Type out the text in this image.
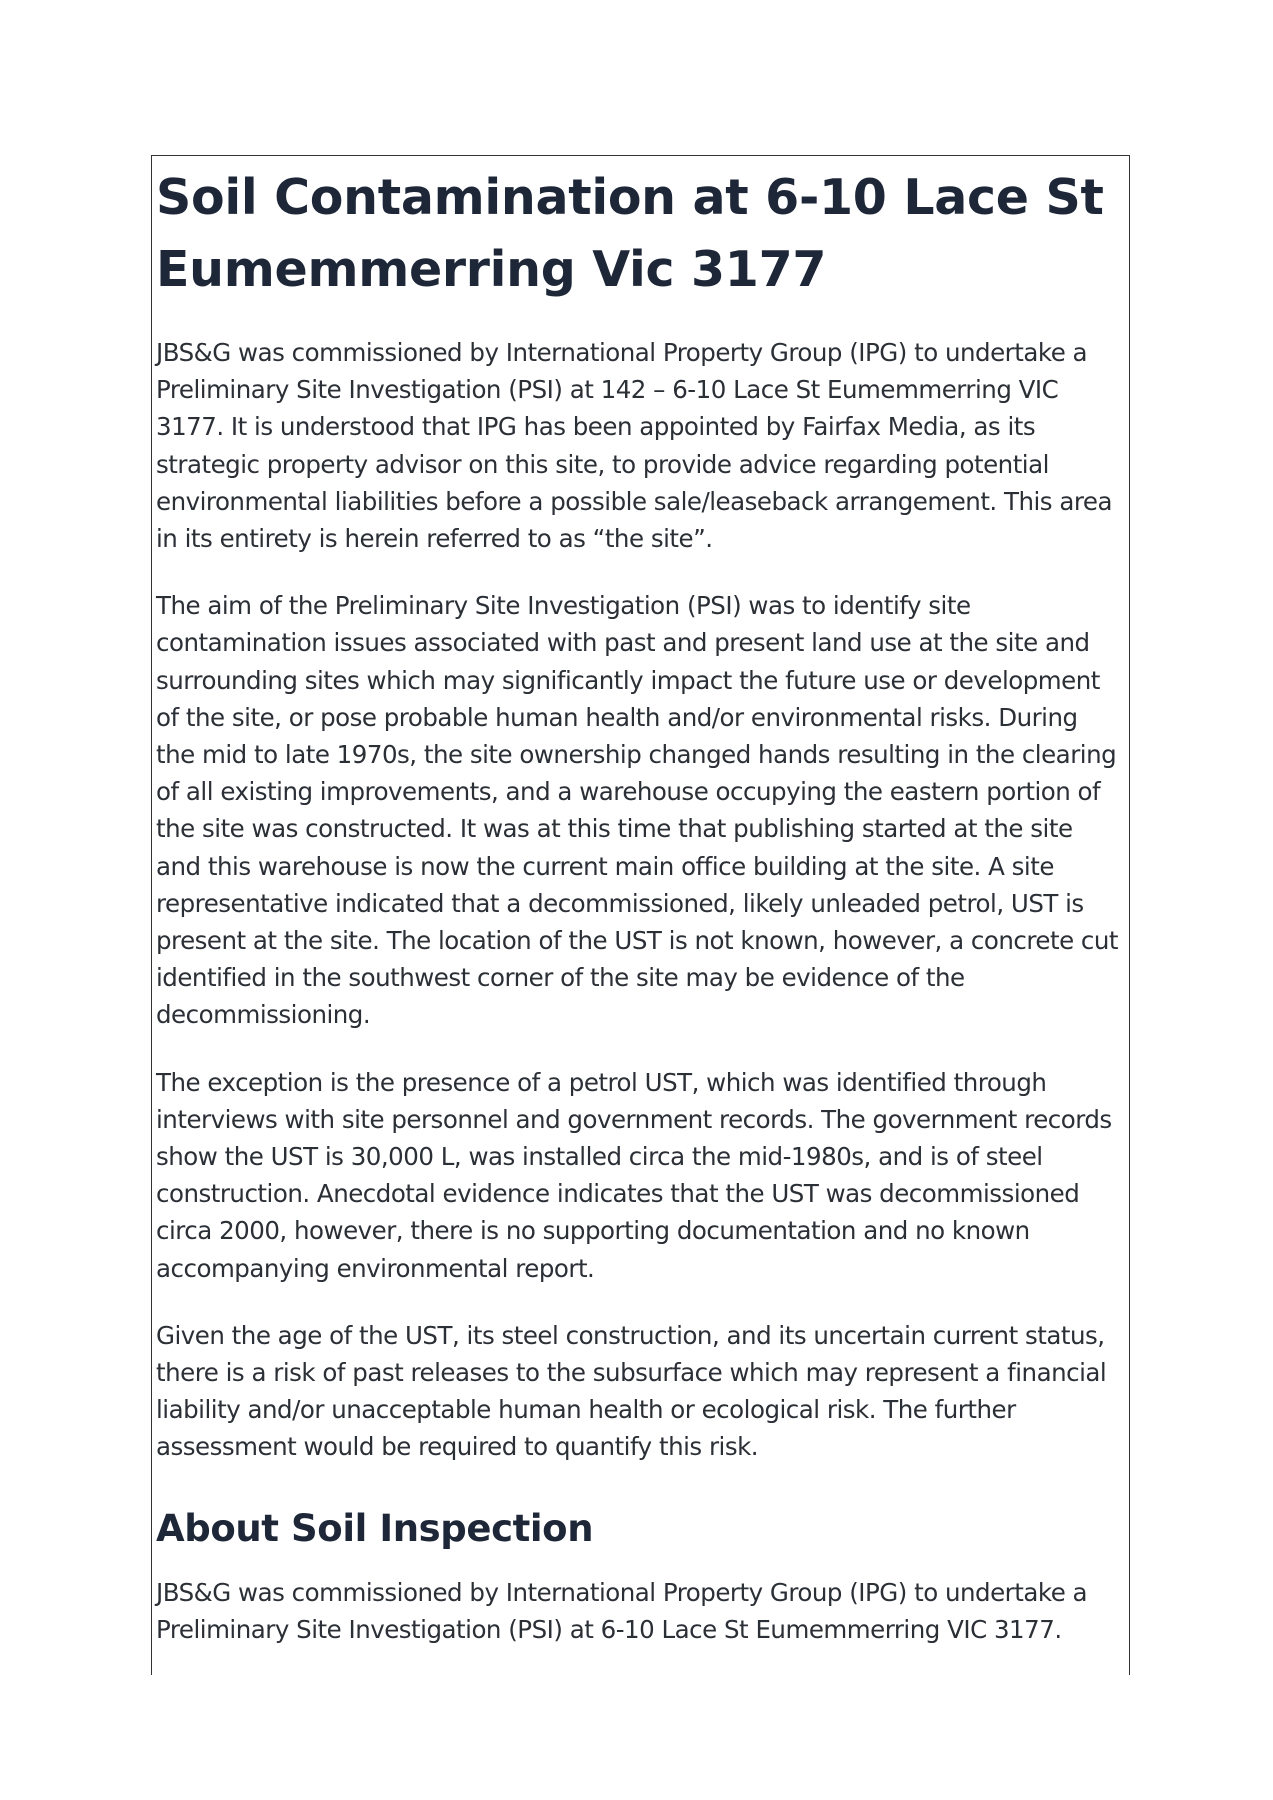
Soil Contamination at 6-10 Lace St Eumemmerring Vic 3177

JBS&G was commissioned by International Property Group (IPG) to undertake a Preliminary Site Investigation (PSI) at 142 – 6-10 Lace St Eumemmerring VIC 3177. It is understood that IPG has been appointed by Fairfax Media, as its strategic property advisor on this site, to provide advice regarding potential environmental liabilities before a possible sale/leaseback arrangement. This area in its entirety is herein referred to as “the site”.

The aim of the Preliminary Site Investigation (PSI) was to identify site contamination issues associated with past and present land use at the site and surrounding sites which may significantly impact the future use or development of the site, or pose probable human health and/or environmental risks. During the mid to late 1970s, the site ownership changed hands resulting in the clearing of all existing improvements, and a warehouse occupying the eastern portion of the site was constructed. It was at this time that publishing started at the site and this warehouse is now the current main office building at the site. A site representative indicated that a decommissioned, likely unleaded petrol, UST is present at the site. The location of the UST is not known, however, a concrete cut identified in the southwest corner of the site may be evidence of the decommissioning.

The exception is the presence of a petrol UST, which was identified through interviews with site personnel and government records. The government records show the UST is 30,000 L, was installed circa the mid-1980s, and is of steel construction. Anecdotal evidence indicates that the UST was decommissioned circa 2000, however, there is no supporting documentation and no known accompanying environmental report.

Given the age of the UST, its steel construction, and its uncertain current status, there is a risk of past releases to the subsurface which may represent a financial liability and/or unacceptable human health or ecological risk. The further assessment would be required to quantify this risk.

About Soil Inspection

JBS&G was commissioned by International Property Group (IPG) to undertake a Preliminary Site Investigation (PSI) at 6-10 Lace St Eumemmerring VIC 3177.
